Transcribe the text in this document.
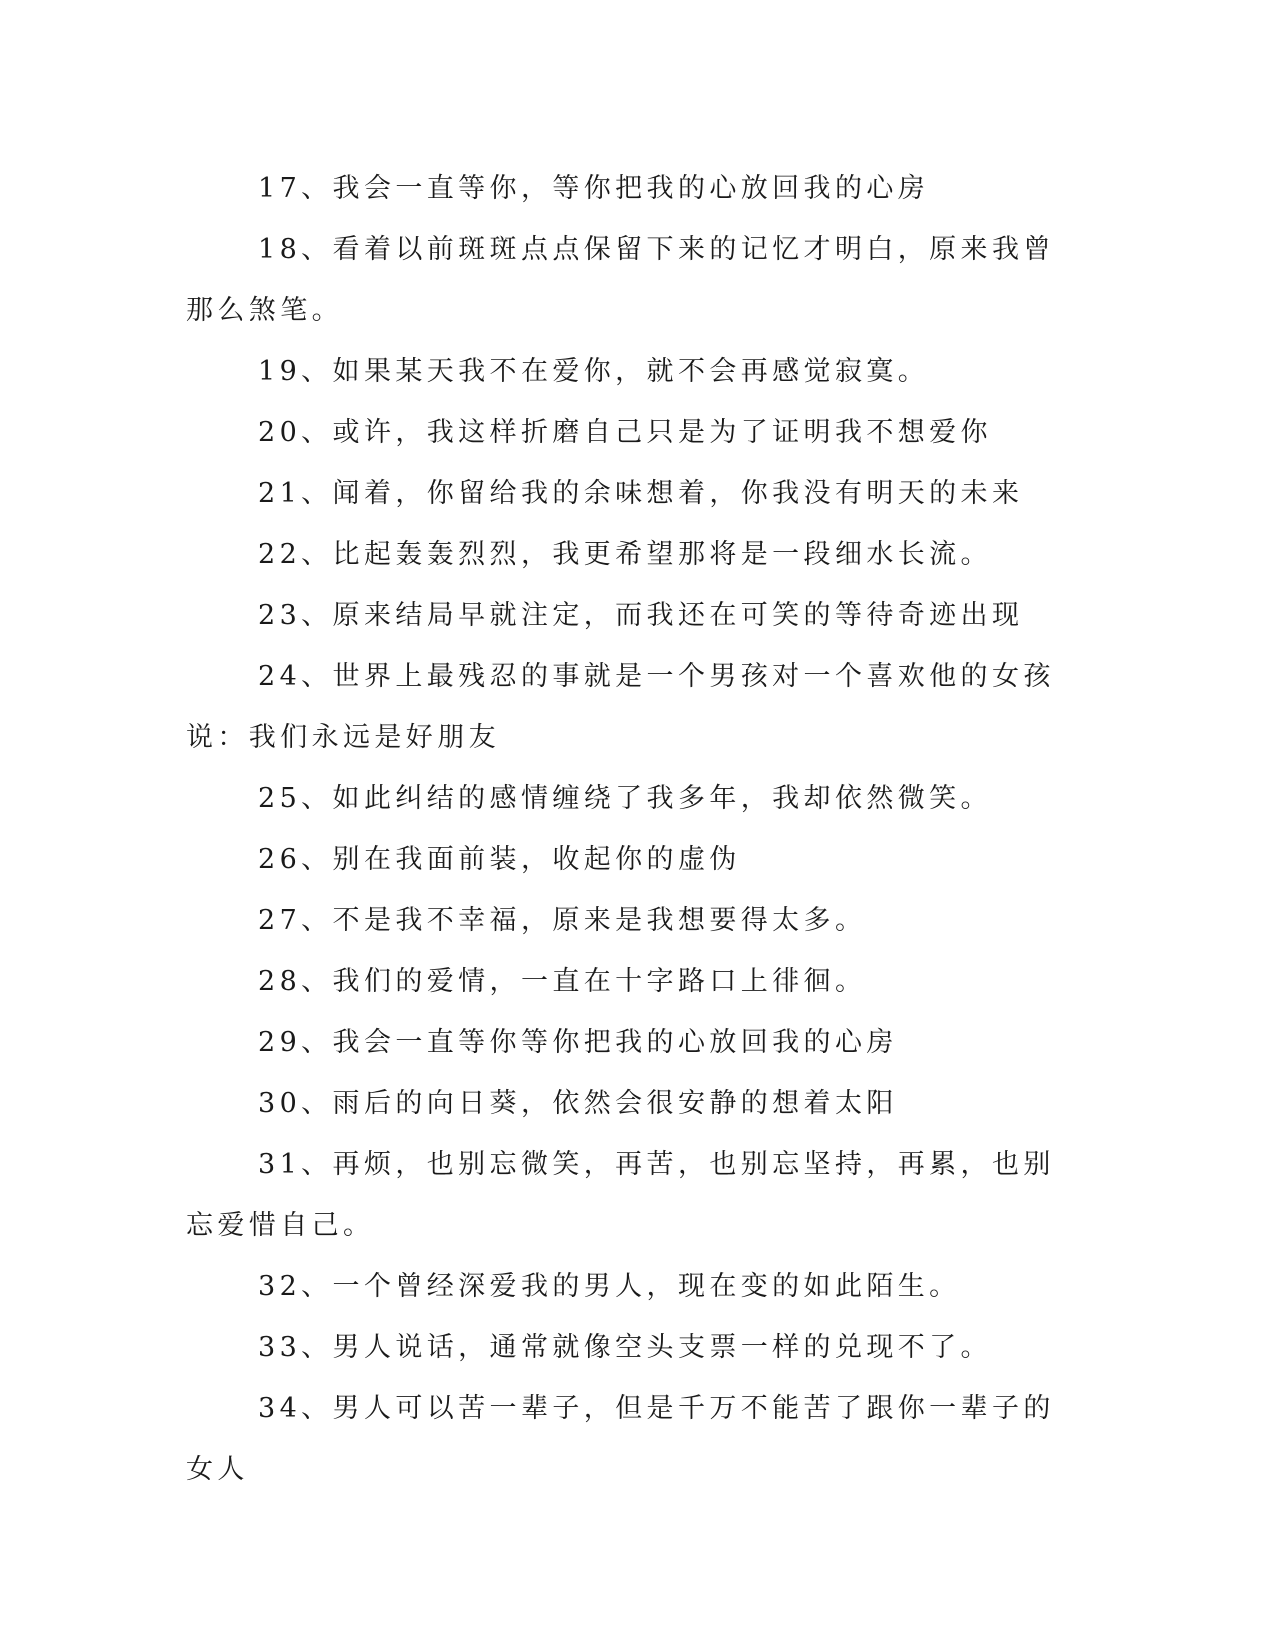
17、我会一直等你，等你把我的心放回我的心房

18、看着以前斑斑点点保留下来的记忆才明白，原来我曾那么煞笔。

19、如果某天我不在爱你，就不会再感觉寂寞。

20、或许，我这样折磨自己只是为了证明我不想爱你

21、闻着，你留给我的余味想着，你我没有明天的未来

22、比起轰轰烈烈，我更希望那将是一段细水长流。

23、原来结局早就注定，而我还在可笑的等待奇迹出现

24、世界上最残忍的事就是一个男孩对一个喜欢他的女孩说：我们永远是好朋友

25、如此纠结的感情缠绕了我多年，我却依然微笑。

26、别在我面前装，收起你的虚伪

27、不是我不幸福，原来是我想要得太多。

28、我们的爱情，一直在十字路口上徘徊。

29、我会一直等你等你把我的心放回我的心房

30、雨后的向日葵，依然会很安静的想着太阳

31、再烦，也别忘微笑，再苦，也别忘坚持，再累，也别忘爱惜自己。

32、一个曾经深爱我的男人，现在变的如此陌生。

33、男人说话，通常就像空头支票一样的兑现不了。

34、男人可以苦一辈子，但是千万不能苦了跟你一辈子的女人
